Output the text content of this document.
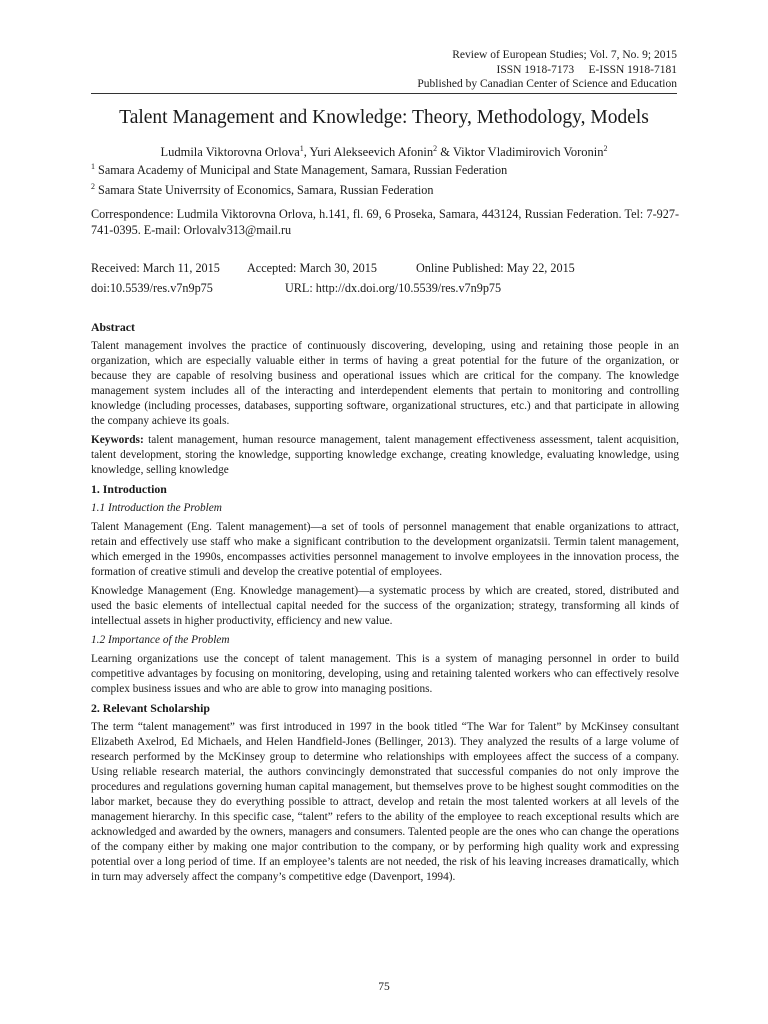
Review of European Studies; Vol. 7, No. 9; 2015
ISSN 1918-7173     E-ISSN 1918-7181
Published by Canadian Center of Science and Education
Talent Management and Knowledge: Theory, Methodology, Models
Ludmila Viktorovna Orlova$^1$, Yuri Alekseevich Afonin$^2$ & Viktor Vladimirovich Voronin$^2$
$^1$ Samara Academy of Municipal and State Management, Samara, Russian Federation
$^2$ Samara State Univerrsity of Economics, Samara, Russian Federation
Correspondence: Ludmila Viktorovna Orlova, h.141, fl. 69, 6 Proseka, Samara, 443124, Russian Federation. Tel: 7-927-741-0395. E-mail: Orlovalv313@mail.ru
Received: March 11, 2015 Accepted: March 30, 2015	Online Published: May 22, 2015
doi:10.5539/res.v7n9p75	URL: http://dx.doi.org/10.5539/res.v7n9p75
Abstract

Talent management involves the practice of continuously discovering, developing, using and retaining those people in an organization, which are especially valuable either in terms of having a great potential for the future of the organization, or because they are capable of resolving business and operational issues which are critical for the company. The knowledge management system includes all of the interacting and interdependent elements that pertain to monitoring and controlling knowledge (including processes, databases, supporting software, organizational structures, etc.) and that participate in allowing the company achieve its goals.

Keywords: talent management, human resource management, talent management effectiveness assessment, talent acquisition, talent development, storing the knowledge, supporting knowledge exchange, creating knowledge, evaluating knowledge, using knowledge, selling knowledge

1. Introduction
1.1 Introduction the Problem

Talent Management (Eng. Talent management)—a set of tools of personnel management that enable organizations to attract, retain and effectively use staff who make a significant contribution to the development organizatsii. Termin talent management, which emerged in the 1990s, encompasses activities personnel management to involve employees in the innovation process, the formation of creative stimuli and develop the creative potential of employees.

Knowledge Management (Eng. Knowledge management)—a systematic process by which are created, stored, distributed and used the basic elements of intellectual capital needed for the success of the organization; strategy, transforming all kinds of intellectual assets in higher productivity, efficiency and new value.

1.2 Importance of the Problem

Learning organizations use the concept of talent management. This is a system of managing personnel in order to build competitive advantages by focusing on monitoring, developing, using and retaining talented workers who can effectively resolve complex business issues and who are able to grow into managing positions.

2. Relevant Scholarship

The term “talent management” was first introduced in 1997 in the book titled “The War for Talent” by McKinsey consultant Elizabeth Axelrod, Ed Michaels, and Helen Handfield-Jones (Bellinger, 2013). They analyzed the results of a large volume of research performed by the McKinsey group to determine who relationships with employees affect the success of a company. Using reliable research material, the authors convincingly demonstrated that successful companies do not only improve the procedures and regulations governing human capital management, but themselves prove to be highest sought commodities on the labor market, because they do everything possible to attract, develop and retain the most talented workers at all levels of the management hierarchy. In this specific case, “talent” refers to the ability of the employee to reach exceptional results which are acknowledged and awarded by the owners, managers and consumers. Talented people are the ones who can change the operations of the company either by making one major contribution to the company, or by performing high quality work and expressing potential over a long period of time. If an employee’s talents are not needed, the risk of his leaving increases dramatically, which in turn may adversely affect the company’s competitive edge (Davenport, 1994).

75
